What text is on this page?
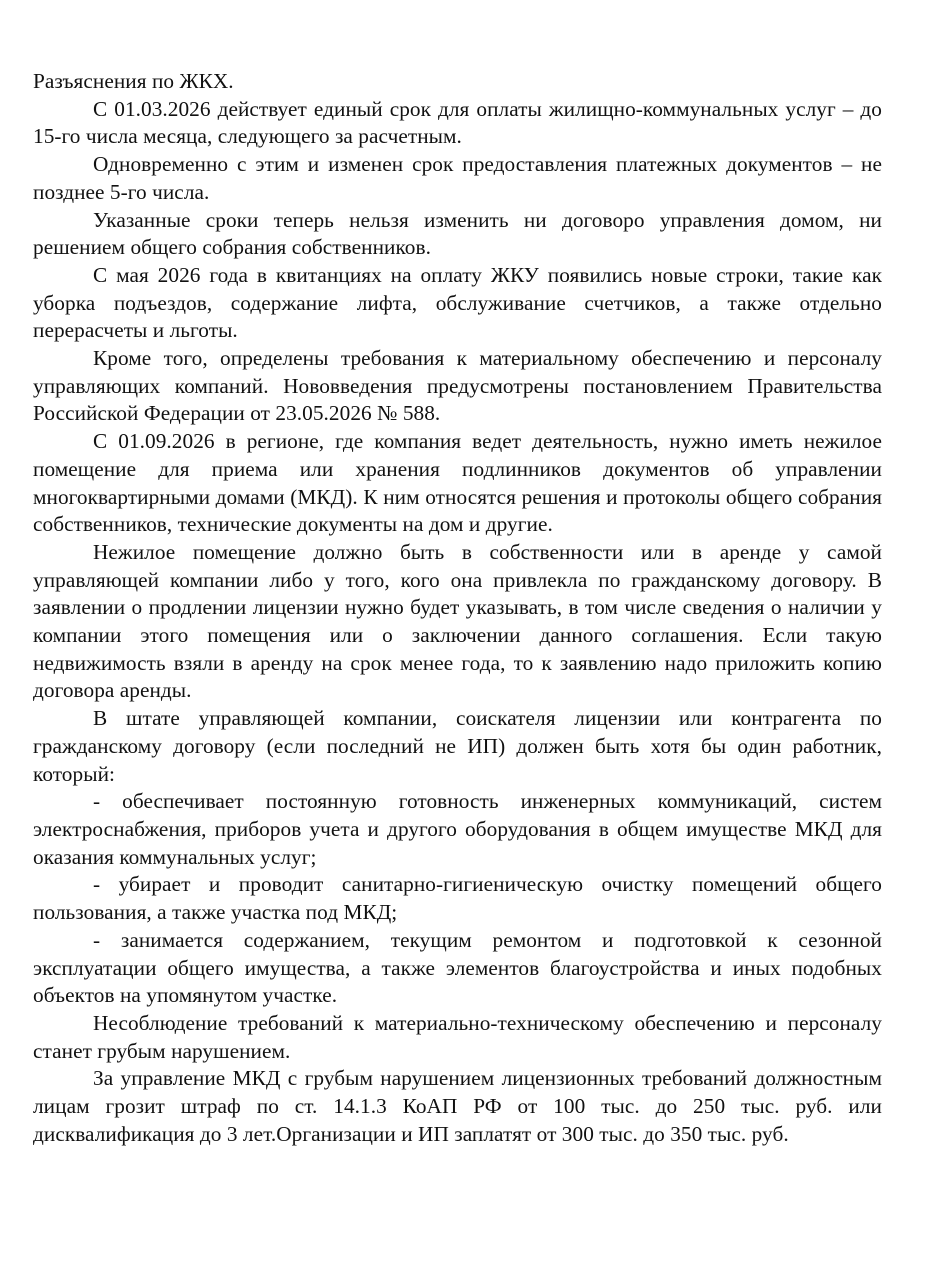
Разъяснения по ЖКХ.

С 01.03.2026 действует единый срок для оплаты жилищно-коммунальных услуг – до 15-го числа месяца, следующего за расчетным.

Одновременно с этим и изменен срок предоставления платежных документов – не позднее 5-го числа.

Указанные сроки теперь нельзя изменить ни договоро управления домом, ни решением общего собрания собственников.

С мая 2026 года в квитанциях на оплату ЖКУ появились новые строки, такие как уборка подъездов, содержание лифта, обслуживание счетчиков, а также отдельно перерасчеты и льготы.

Кроме того, определены требования к материальному обеспечению и персоналу управляющих компаний. Нововведения предусмотрены постановлением Правительства Российской Федерации от 23.05.2026 № 588.

С 01.09.2026 в регионе, где компания ведет деятельность, нужно иметь нежилое помещение для приема или хранения подлинников документов об управлении многоквартирными домами (МКД). К ним относятся решения и протоколы общего собрания собственников, технические документы на дом и другие.

Нежилое помещение должно быть в собственности или в аренде у самой управляющей компании либо у того, кого она привлекла по гражданскому договору. В заявлении о продлении лицензии нужно будет указывать, в том числе сведения о наличии у компании этого помещения или о заключении данного соглашения. Если такую недвижимость взяли в аренду на срок менее года, то к заявлению надо приложить копию договора аренды.

В штате управляющей компании, соискателя лицензии или контрагента по гражданскому договору (если последний не ИП) должен быть хотя бы один работник, который:

- обеспечивает постоянную готовность инженерных коммуникаций, систем электроснабжения, приборов учета и другого оборудования в общем имуществе МКД для оказания коммунальных услуг;

- убирает и проводит санитарно-гигиеническую очистку помещений общего пользования, а также участка под МКД;

- занимается содержанием, текущим ремонтом и подготовкой к сезонной эксплуатации общего имущества, а также элементов благоустройства и иных подобных объектов на упомянутом участке.

Несоблюдение требований к материально-техническому обеспечению и персоналу станет грубым нарушением.

За управление МКД с грубым нарушением лицензионных требований должностным лицам грозит штраф по ст. 14.1.3 КоАП РФ от 100 тыс. до 250 тыс. руб. или дисквалификация до 3 лет.Организации и ИП заплатят от 300 тыс. до 350 тыс. руб.
